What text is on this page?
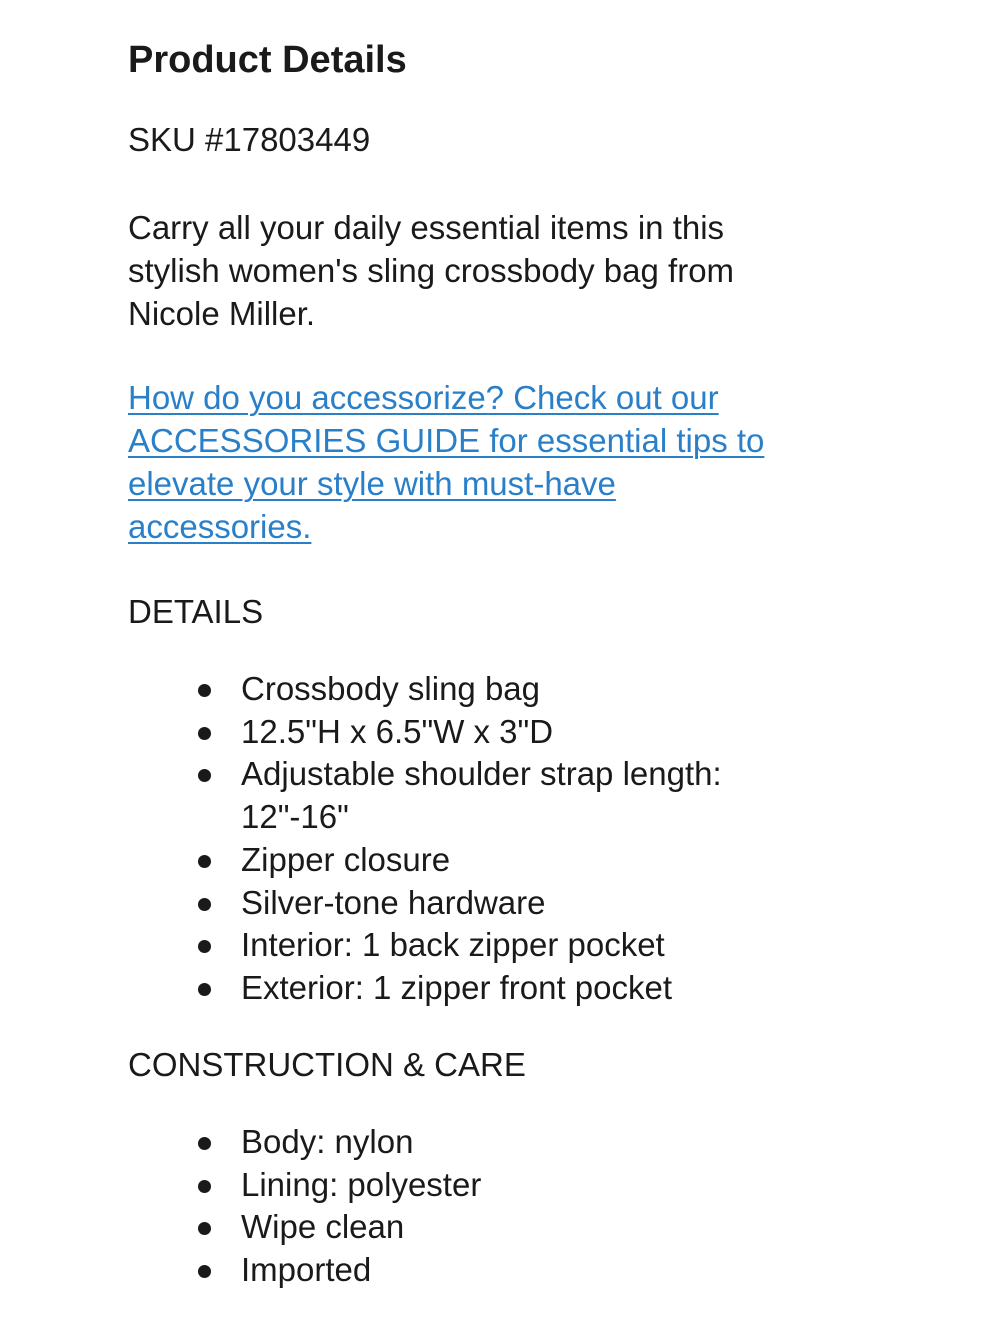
Product Details

SKU #17803449

Carry all your daily essential items in this
stylish women's sling crossbody bag from
Nicole Miller.

How do you accessorize? Check out our
ACCESSORIES GUIDE for essential tips to
elevate your style with must-have
accessories.
DETAILS
Crossbody sling bag
12.5"H x 6.5"W x 3"D
Adjustable shoulder strap length:
12"-16"
Zipper closure
Silver-tone hardware
Interior: 1 back zipper pocket
Exterior: 1 zipper front pocket
CONSTRUCTION & CARE
Body: nylon
Lining: polyester
Wipe clean
Imported
